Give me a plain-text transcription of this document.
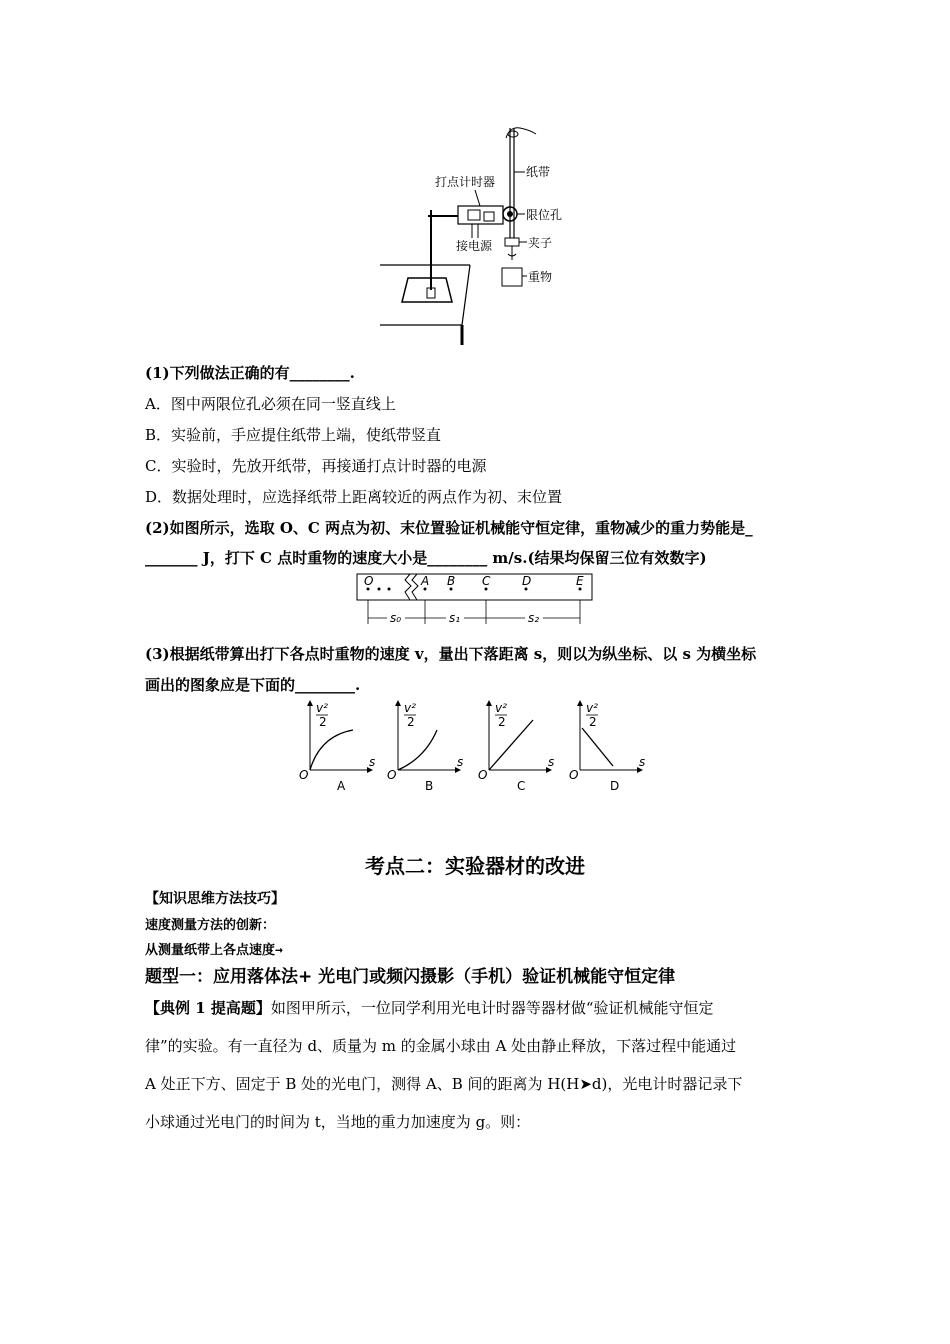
纸带
打点计时器
限位孔
接电源	夹子
重物
(1)下列做法正确的有________.
A．图中两限位孔必须在同一竖直线上
B．实验前，手应提住纸带上端，使纸带竖直
C．实验时，先放开纸带，再接通打点计时器的电源
D．数据处理时，应选择纸带上距离较近的两点作为初、末位置
(2)如图所示，选取 O、C 两点为初、末位置验证机械能守恒定律，重物减少的重力势能是_
_______ J，打下 C 点时重物的速度大小是________ m/s.(结果均保留三位有效数字)
O	A B C	D	E
s₀	s₁	s₂
(3)根据纸带算出打下各点时重物的速度 v，量出下落距离 s，则以为纵坐标、以 s 为横坐标
画出的图象应是下面的________.
v²
2
O
s
A
v²
2
O
s
B
v²
2
O
s
C
v²
2
O
s
D
考点二：实验器材的改进
【知识思维方法技巧】
速度测量方法的创新：
从测量纸带上各点速度→
题型一：应用落体法+ 光电门或频闪摄影（手机）验证机械能守恒定律
【典例 1 提高题】如图甲所示，一位同学利用光电计时器等器材做“验证机械能守恒定
律”的实验。有一直径为 d、质量为 m 的金属小球由 A 处由静止释放，下落过程中能通过
A 处正下方、固定于 B 处的光电门，测得 A、B 间的距离为 H(H➤d)，光电计时器记录下
小球通过光电门的时间为 t，当地的重力加速度为 g。则：
